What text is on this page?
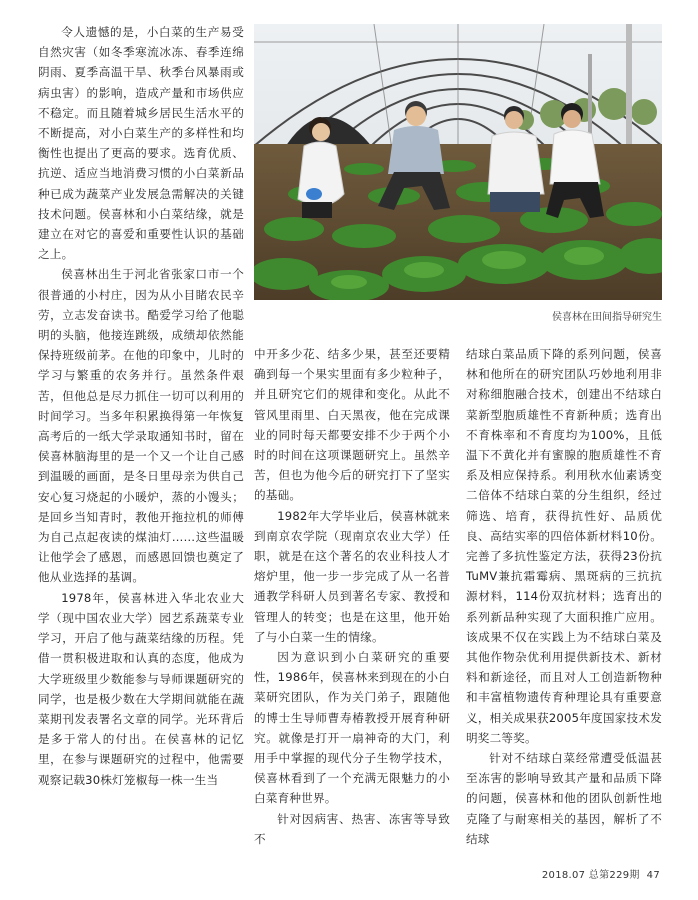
令人遗憾的是，小白菜的生产易受自然灾害（如冬季寒流冰冻、春季连绵阴雨、夏季高温干旱、秋季台风暴雨或病虫害）的影响，造成产量和市场供应不稳定。而且随着城乡居民生活水平的不断提高，对小白菜生产的多样性和均衡性也提出了更高的要求。选育优质、抗逆、适应当地消费习惯的小白菜新品种已成为蔬菜产业发展急需解决的关键技术问题。侯喜林和小白菜结缘，就是建立在对它的喜爱和重要性认识的基础之上。

侯喜林出生于河北省张家口市一个很普通的小村庄，因为从小目睹农民辛劳，立志发奋读书。酷爱学习给了他聪明的头脑，他接连跳级，成绩却依然能保持班级前茅。在他的印象中，儿时的学习与繁重的农务并行。虽然条件艰苦，但他总是尽力抓住一切可以利用的时间学习。当多年积累换得第一年恢复高考后的一纸大学录取通知书时，留在侯喜林脑海里的是一个又一个让自己感到温暖的画面，是冬日里母亲为供自己安心复习烧起的小暖炉，蒸的小馒头；是回乡当知青时，教他开拖拉机的师傅为自己点起夜读的煤油灯……这些温暖让他学会了感恩，而感恩回馈也奠定了他从业选择的基调。

1978年，侯喜林进入华北农业大学（现中国农业大学）园艺系蔬菜专业学习，开启了他与蔬菜结缘的历程。凭借一贯积极进取和认真的态度，他成为大学班级里少数能参与导师课题研究的同学，也是极少数在大学期间就能在蔬菜期刊发表署名文章的同学。光环背后是多于常人的付出。在侯喜林的记忆里，在参与课题研究的过程中，他需要观察记载30株灯笼椒每一株一生当

侯喜林在田间指导研究生

中开多少花、结多少果，甚至还要精确到每一个果实里面有多少粒种子，并且研究它们的规律和变化。从此不管风里雨里、白天黑夜，他在完成课业的同时每天都要安排不少于两个小时的时间在这项课题研究上。虽然辛苦，但也为他今后的研究打下了坚实的基础。

1982年大学毕业后，侯喜林就来到南京农学院（现南京农业大学）任职，就是在这个著名的农业科技人才熔炉里，他一步一步完成了从一名普通教学科研人员到著名专家、教授和管理人的转变；也是在这里，他开始了与小白菜一生的情缘。

因为意识到小白菜研究的重要性，1986年，侯喜林来到现在的小白菜研究团队，作为关门弟子，跟随他的博士生导师曹寿椿教授开展育种研究。就像是打开一扇神奇的大门，利用手中掌握的现代分子生物学技术，侯喜林看到了一个充满无限魅力的小白菜育种世界。

针对因病害、热害、冻害等导致不

结球白菜品质下降的系列问题，侯喜林和他所在的研究团队巧妙地利用非对称细胞融合技术，创建出不结球白菜新型胞质雄性不育新种质；选育出不育株率和不育度均为100%，且低温下不黄化并有蜜腺的胞质雄性不育系及相应保持系。利用秋水仙素诱变二倍体不结球白菜的分生组织，经过筛选、培育，获得抗性好、品质优良、高结实率的四倍体新材料10份。完善了多抗性鉴定方法，获得23份抗TuMV兼抗霜霉病、黑斑病的三抗抗源材料，114份双抗材料；选育出的系列新品种实现了大面积推广应用。该成果不仅在实践上为不结球白菜及其他作物杂优利用提供新技术、新材料和新途径，而且对人工创造新物种和丰富植物遗传育种理论具有重要意义，相关成果获2005年度国家技术发明奖二等奖。

针对不结球白菜经常遭受低温甚至冻害的影响导致其产量和品质下降的问题，侯喜林和他的团队创新性地克隆了与耐寒相关的基因，解析了不结球

2018.07 总第229期 47
